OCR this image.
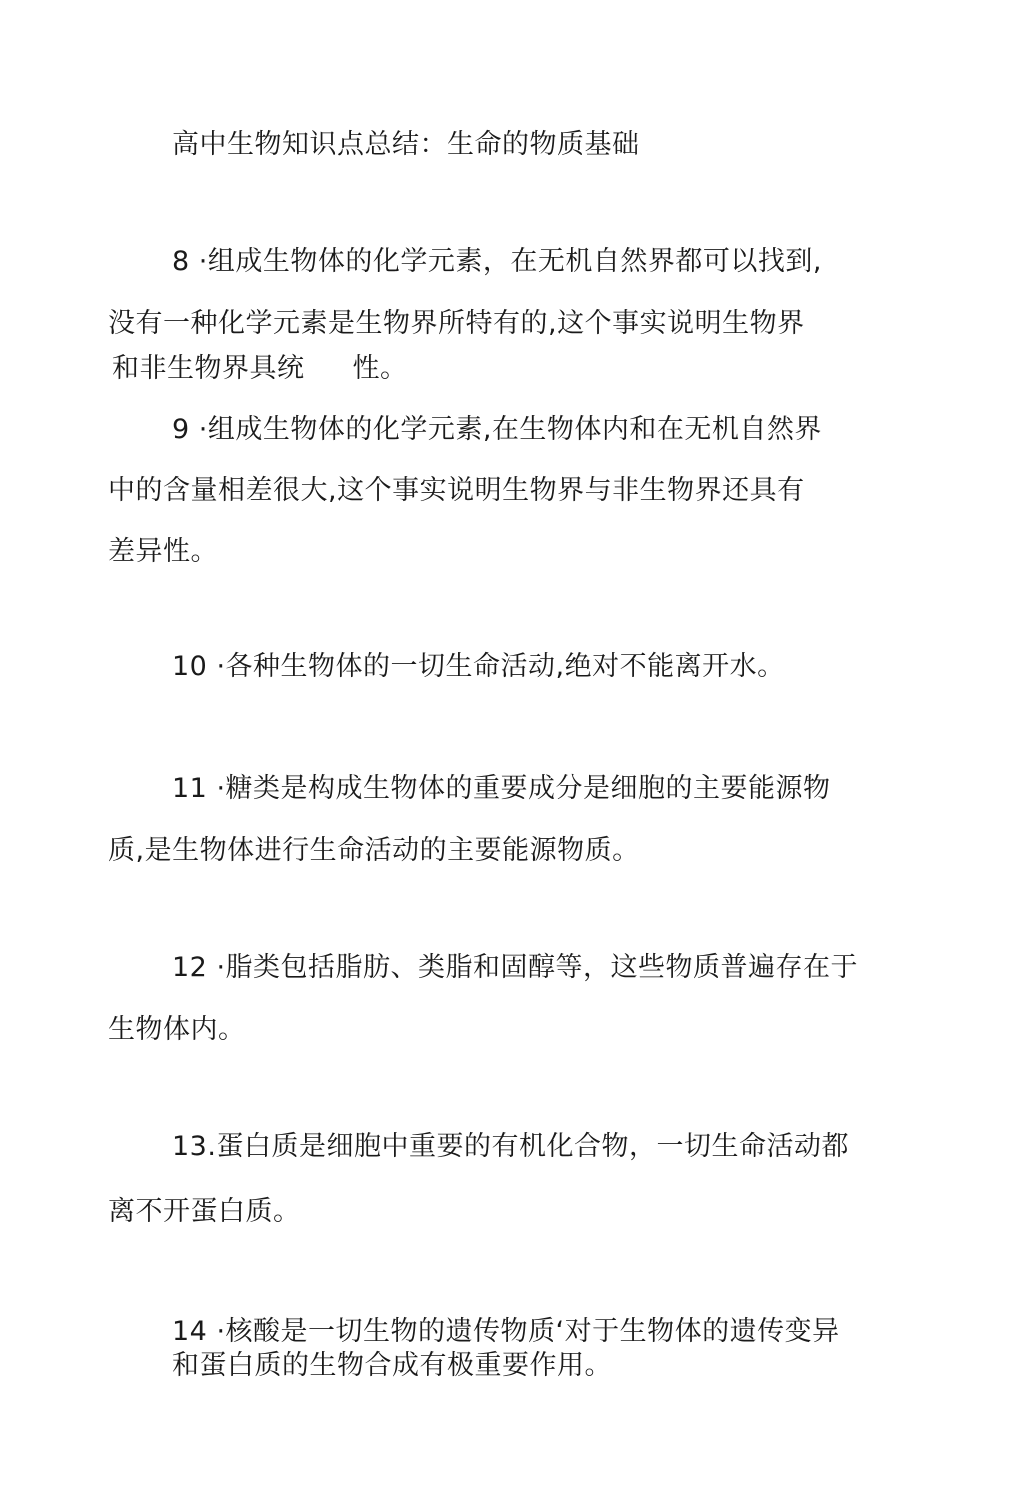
高中生物知识点总结：生命的物质基础
8 ·组成生物体的化学元素，在无机自然界都可以找到,
没有一种化学元素是生物界所特有的,这个事实说明生物界
和非生物界具统 性。
9 ·组成生物体的化学元素,在生物体内和在无机自然界
中的含量相差很大,这个事实说明生物界与非生物界还具有
差异性。
10 ·各种生物体的一切生命活动,绝对不能离开水。
11 ·糖类是构成生物体的重要成分是细胞的主要能源物
质,是生物体进行生命活动的主要能源物质。
12 ·脂类包括脂肪、类脂和固醇等，这些物质普遍存在于
生物体内。
13.蛋白质是细胞中重要的有机化合物，一切生命活动都
离不开蛋白质。
14 ·核酸是一切生物的遗传物质‘对于生物体的遗传变异
和蛋白质的生物合成有极重要作用。
